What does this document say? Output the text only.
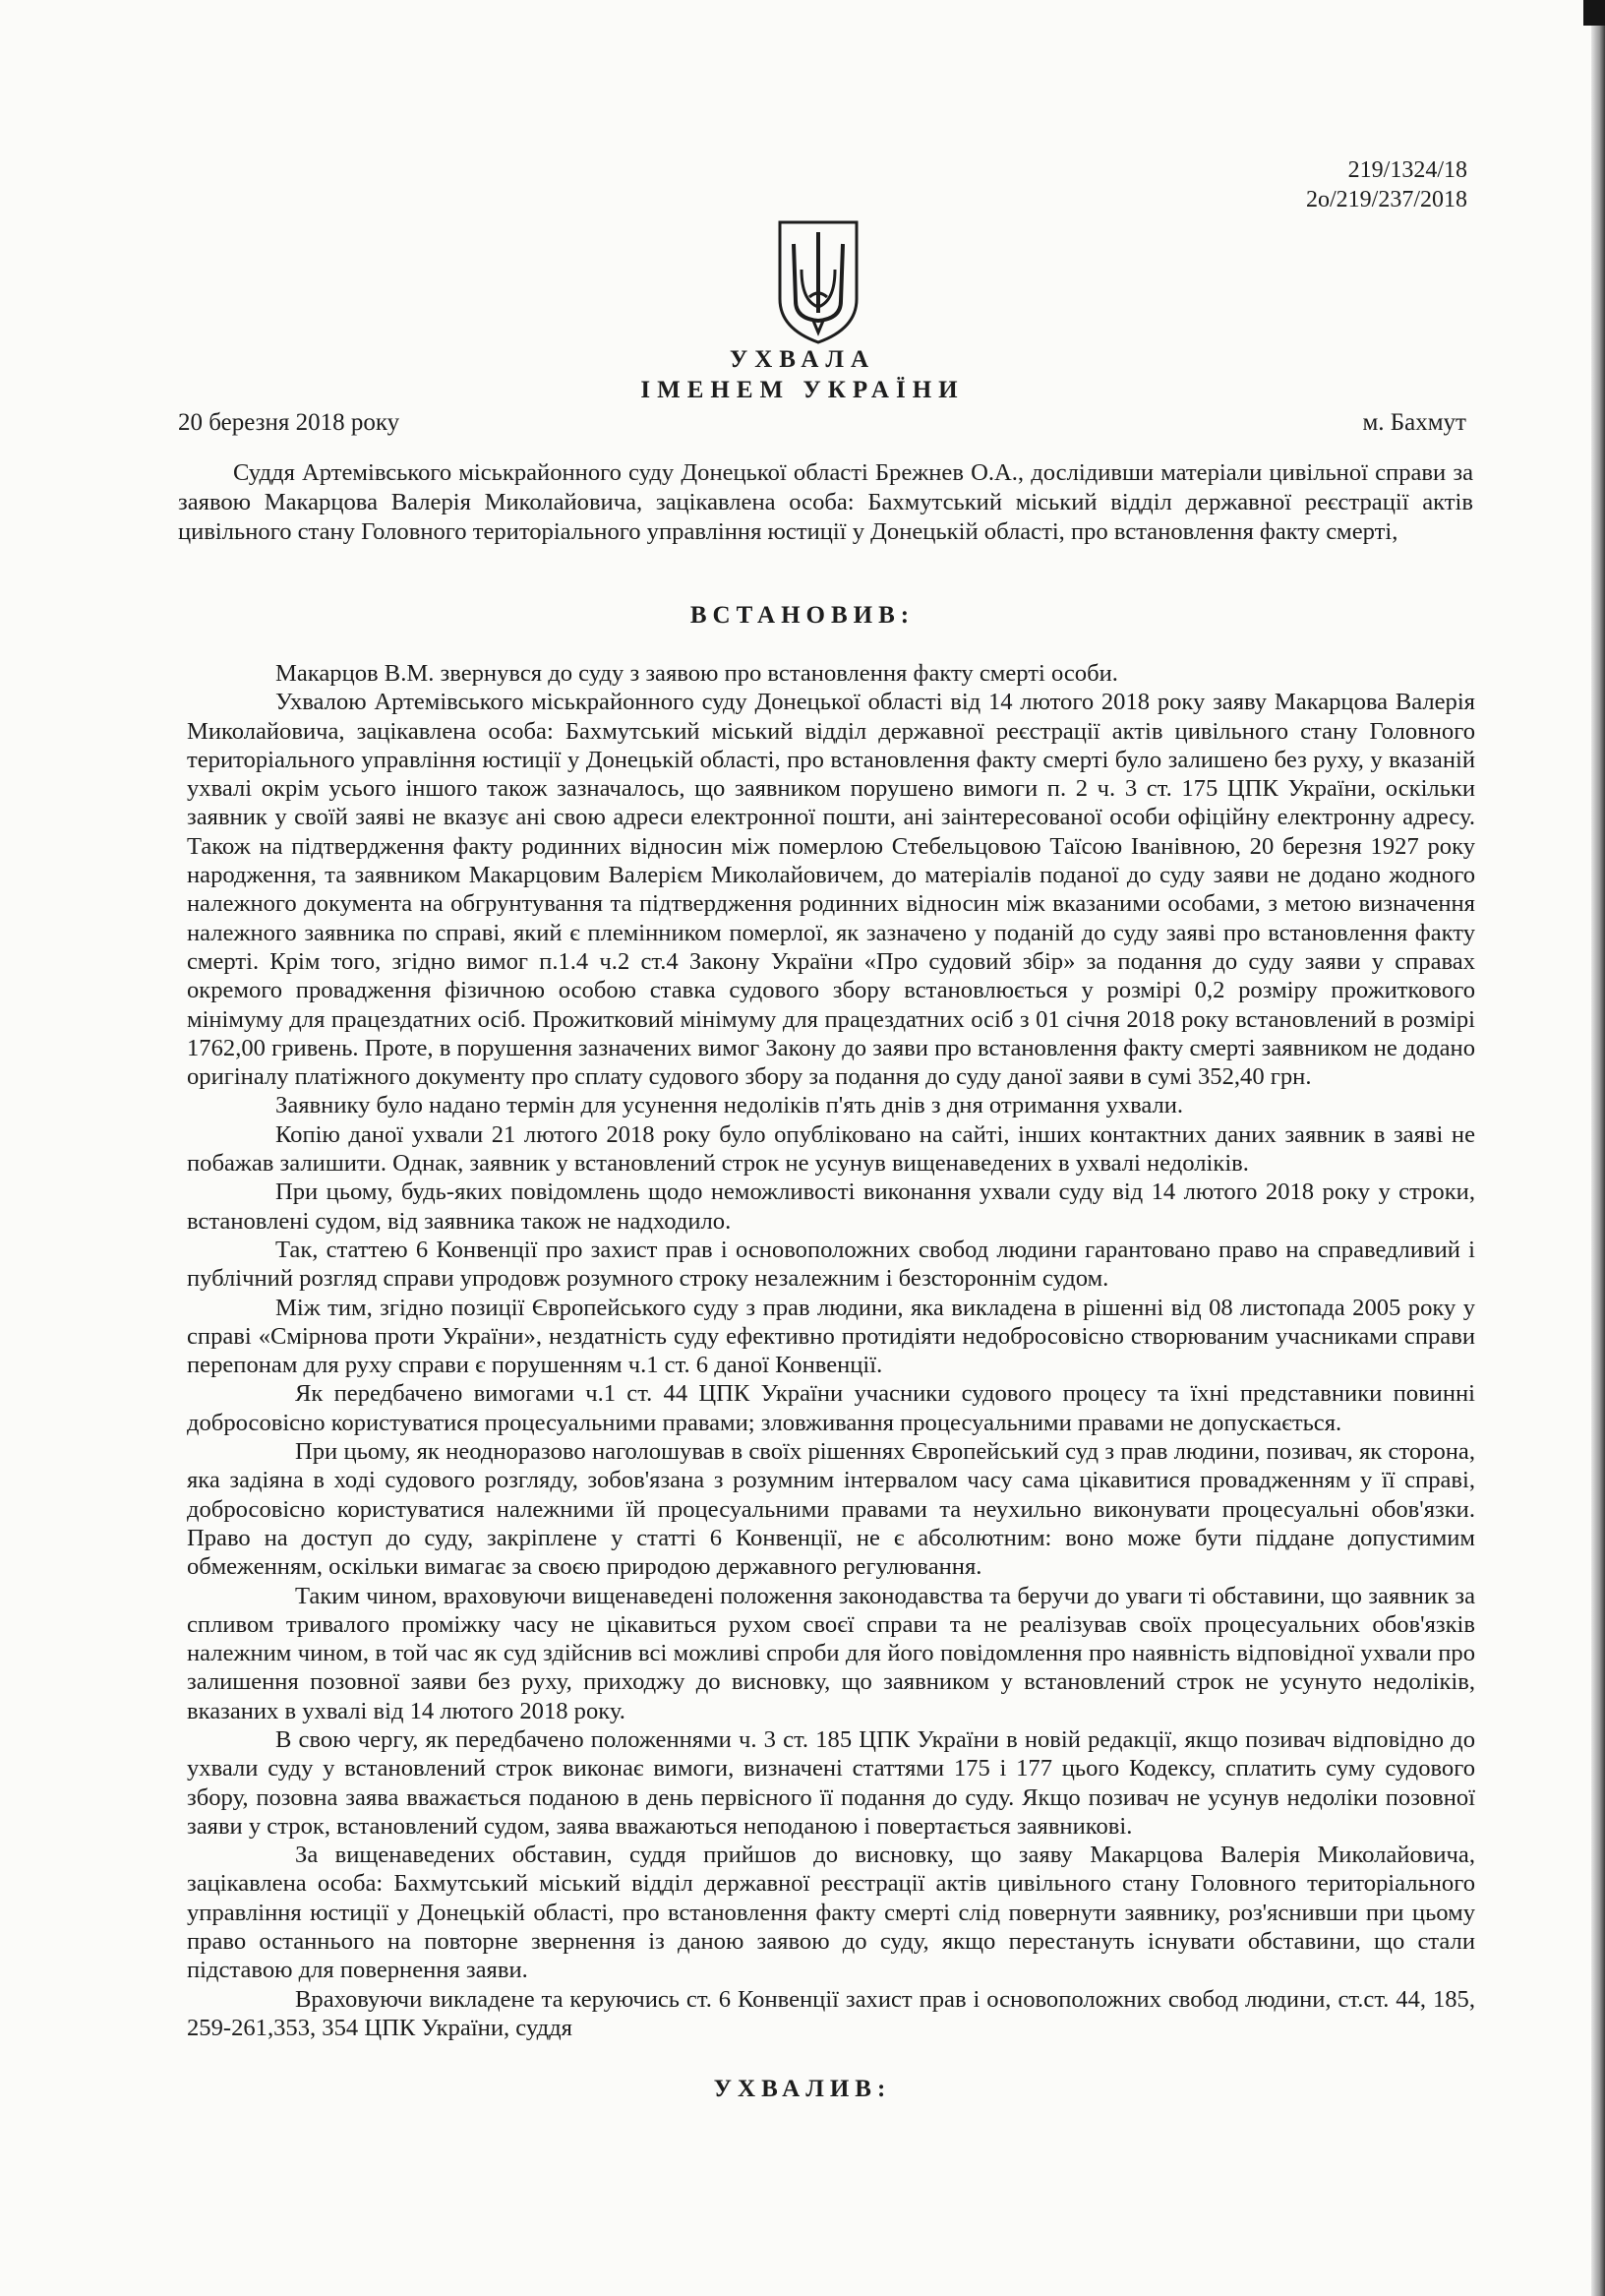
219/1324/18
2о/219/237/2018
УХВАЛА
ІМЕНЕМ УКРАЇНИ
20 березня 2018 року	м. Бахмут

Суддя Артемівського міськрайонного суду Донецької області Брежнев О.А., дослідивши матеріали цивільної справи за заявою Макарцова Валерія Миколайовича, зацікавлена особа: Бахмутський міський відділ державної реєстрації актів цивільного стану Головного територіального управління юстиції у Донецькій області, про встановлення факту смерті,

ВСТАНОВИВ:

Макарцов В.М. звернувся до суду з заявою про встановлення факту смерті особи.

Ухвалою Артемівського міськрайонного суду Донецької області від 14 лютого 2018 року заяву Макарцова Валерія Миколайовича, зацікавлена особа: Бахмутський міський відділ державної реєстрації актів цивільного стану Головного територіального управління юстиції у Донецькій області, про встановлення факту смерті було залишено без руху, у вказаній ухвалі окрім усього іншого також зазначалось, що заявником порушено вимоги п. 2 ч. 3 ст. 175 ЦПК України, оскільки заявник у своїй заяві не вказує ані свою адреси електронної пошти, ані заінтересованої особи офіційну електронну адресу. Також на підтвердження факту родинних відносин між померлою Стебельцовою Таїсою Іванівною, 20 березня 1927 року народження, та заявником Макарцовим Валерієм Миколайовичем, до матеріалів поданої до суду заяви не додано жодного належного документа на обгрунтування та підтвердження родинних відносин між вказаними особами, з метою визначення належного заявника по справі, який є племінником померлої, як зазначено у поданій до суду заяві про встановлення факту смерті. Крім того, згідно вимог п.1.4 ч.2 ст.4 Закону України «Про судовий збір» за подання до суду заяви у справах окремого провадження фізичною особою ставка судового збору встановлюється у розмірі 0,2 розміру прожиткового мінімуму для працездатних осіб. Прожитковий мінімуму для працездатних осіб з 01 січня 2018 року встановлений в розмірі 1762,00 гривень. Проте, в порушення зазначених вимог Закону до заяви про встановлення факту смерті заявником не додано оригіналу платіжного документу про сплату судового збору за подання до суду даної заяви в сумі 352,40 грн.

Заявнику було надано термін для усунення недоліків п'ять днів з дня отримання ухвали.

Копію даної ухвали 21 лютого 2018 року було опубліковано на сайті, інших контактних даних заявник в заяві не побажав залишити. Однак, заявник у встановлений строк не усунув вищенаведених в ухвалі недоліків.

При цьому, будь-яких повідомлень щодо неможливості виконання ухвали суду від 14 лютого 2018 року у строки, встановлені судом, від заявника також не надходило.

Так, статтею 6 Конвенції про захист прав і основоположних свобод людини гарантовано право на справедливий і публічний розгляд справи упродовж розумного строку незалежним і безстороннім судом.

Між тим, згідно позиції Європейського суду з прав людини, яка викладена в рішенні від 08 листопада 2005 року у справі «Смірнова проти України», нездатність суду ефективно протидіяти недобросовісно створюваним учасниками справи перепонам для руху справи є порушенням ч.1 ст. 6 даної Конвенції.

Як передбачено вимогами ч.1 ст. 44 ЦПК України учасники судового процесу та їхні представники повинні добросовісно користуватися процесуальними правами; зловживання процесуальними правами не допускається.

При цьому, як неодноразово наголошував в своїх рішеннях Європейський суд з прав людини, позивач, як сторона, яка задіяна в ході судового розгляду, зобов'язана з розумним інтервалом часу сама цікавитися провадженням у її справі, добросовісно користуватися належними їй процесуальними правами та неухильно виконувати процесуальні обов'язки. Право на доступ до суду, закріплене у статті 6 Конвенції, не є абсолютним: воно може бути піддане допустимим обмеженням, оскільки вимагає за своєю природою державного регулювання.

Таким чином, враховуючи вищенаведені положення законодавства та беручи до уваги ті обставини, що заявник за спливом тривалого проміжку часу не цікавиться рухом своєї справи та не реалізував своїх процесуальних обов'язків належним чином, в той час як суд здійснив всі можливі спроби для його повідомлення про наявність відповідної ухвали про залишення позовної заяви без руху, приходжу до висновку, що заявником у встановлений строк не усунуто недоліків, вказаних в ухвалі від 14 лютого 2018 року.

В свою чергу, як передбачено положеннями ч. 3 ст. 185 ЦПК України в новій редакції, якщо позивач відповідно до ухвали суду у встановлений строк виконає вимоги, визначені статтями 175 і 177 цього Кодексу, сплатить суму судового збору, позовна заява вважається поданою в день первісного її подання до суду. Якщо позивач не усунув недоліки позовної заяви у строк, встановлений судом, заява вважаються неподаною і повертається заявникові.

За вищенаведених обставин, суддя прийшов до висновку, що заяву Макарцова Валерія Миколайовича, зацікавлена особа: Бахмутський міський відділ державної реєстрації актів цивільного стану Головного територіального управління юстиції у Донецькій області, про встановлення факту смерті слід повернути заявнику, роз'яснивши при цьому право останнього на повторне звернення із даною заявою до суду, якщо перестануть існувати обставини, що стали підставою для повернення заяви.

Враховуючи викладене та керуючись ст. 6 Конвенції захист прав і основоположних свобод людини, ст.ст. 44, 185, 259-261,353, 354 ЦПК України, суддя

УХВАЛИВ:
